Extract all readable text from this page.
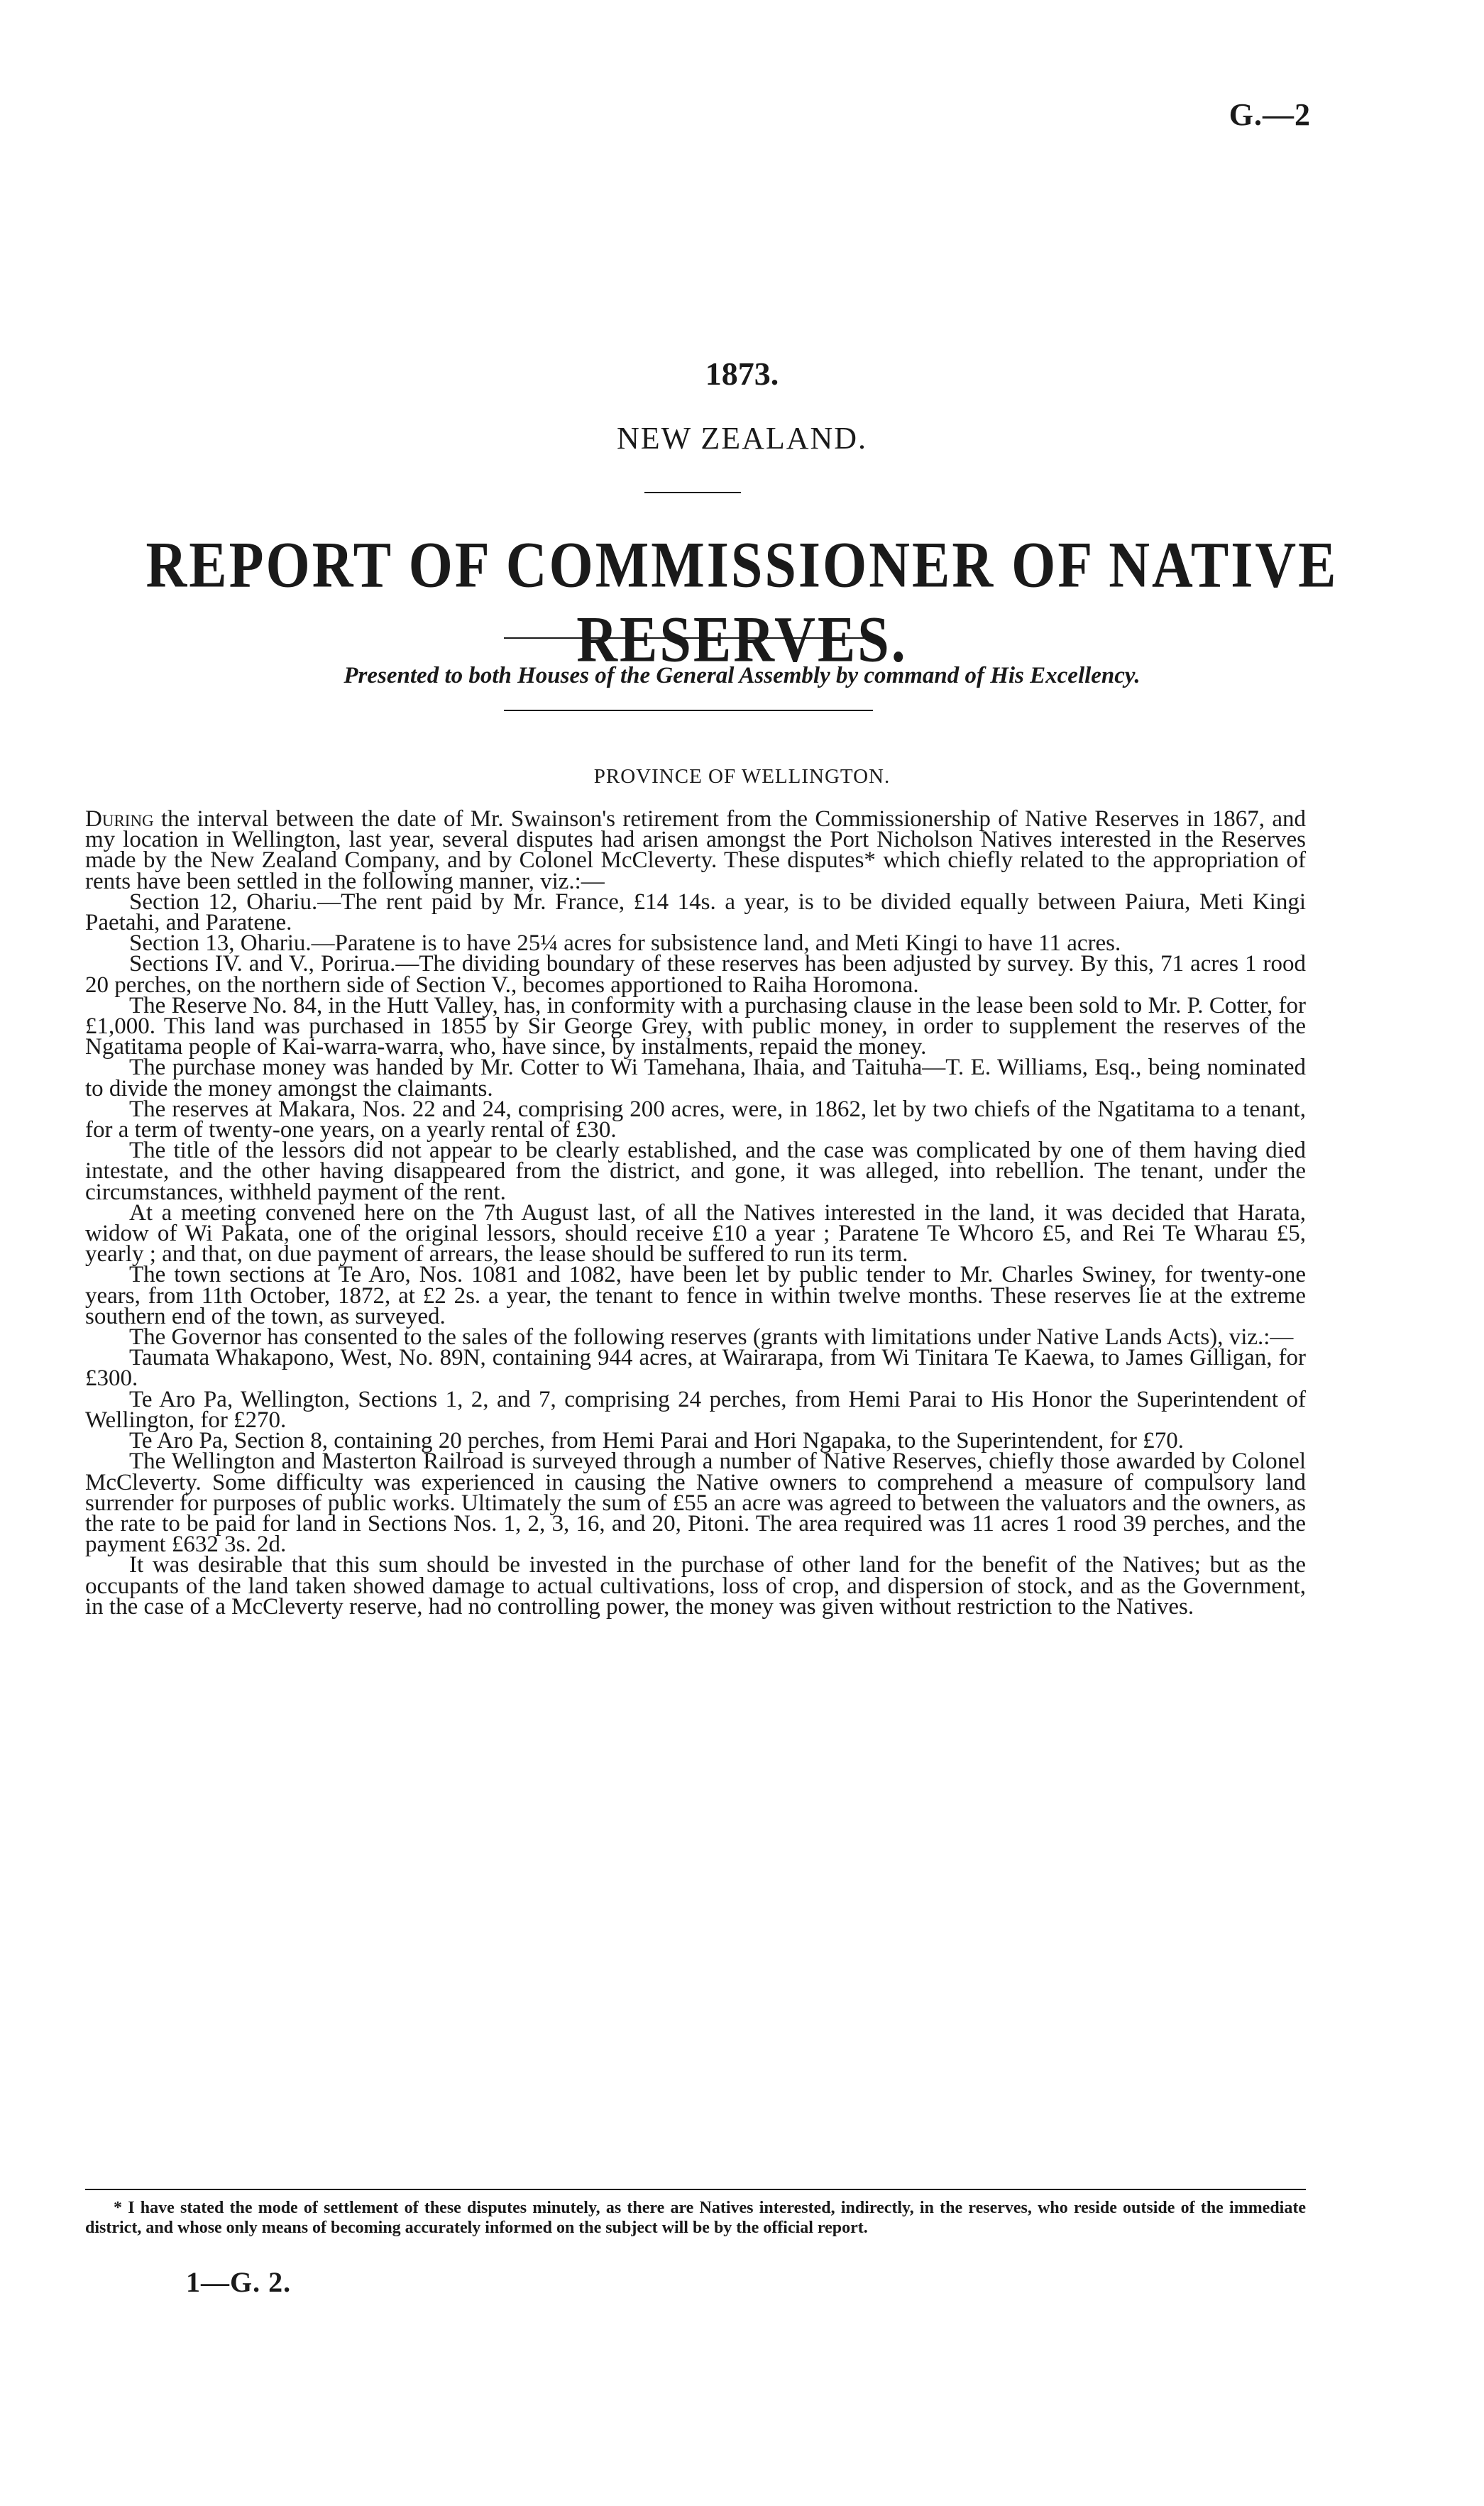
G.—2
1873.
NEW ZEALAND.
REPORT OF COMMISSIONER OF NATIVE RESERVES.
Presented to both Houses of the General Assembly by command of His Excellency.
PROVINCE OF WELLINGTON.

During the interval between the date of Mr. Swainson's retirement from the Commissionership of Native Reserves in 1867, and my location in Wellington, last year, several disputes had arisen amongst the Port Nicholson Natives interested in the Reserves made by the New Zealand Company, and by Colonel McCleverty. These disputes* which chiefly related to the appropriation of rents have been settled in the following manner, viz.:—

Section 12, Ohariu.—The rent paid by Mr. France, £14 14s. a year, is to be divided equally between Paiura, Meti Kingi Paetahi, and Paratene.

Section 13, Ohariu.—Paratene is to have 25¼ acres for subsistence land, and Meti Kingi to have 11 acres.

Sections IV. and V., Porirua.—The dividing boundary of these reserves has been adjusted by survey. By this, 71 acres 1 rood 20 perches, on the northern side of Section V., becomes apportioned to Raiha Horomona.

The Reserve No. 84, in the Hutt Valley, has, in conformity with a purchasing clause in the lease been sold to Mr. P. Cotter, for £1,000. This land was purchased in 1855 by Sir George Grey, with public money, in order to supplement the reserves of the Ngatitama people of Kai-warra-warra, who, have since, by instalments, repaid the money.

The purchase money was handed by Mr. Cotter to Wi Tamehana, Ihaia, and Taituha—T. E. Williams, Esq., being nominated to divide the money amongst the claimants.

The reserves at Makara, Nos. 22 and 24, comprising 200 acres, were, in 1862, let by two chiefs of the Ngatitama to a tenant, for a term of twenty-one years, on a yearly rental of £30.

The title of the lessors did not appear to be clearly established, and the case was complicated by one of them having died intestate, and the other having disappeared from the district, and gone, it was alleged, into rebellion. The tenant, under the circumstances, withheld payment of the rent.

At a meeting convened here on the 7th August last, of all the Natives interested in the land, it was decided that Harata, widow of Wi Pakata, one of the original lessors, should receive £10 a year ; Paratene Te Whcoro £5, and Rei Te Wharau £5, yearly ; and that, on due payment of arrears, the lease should be suffered to run its term.

The town sections at Te Aro, Nos. 1081 and 1082, have been let by public tender to Mr. Charles Swiney, for twenty-one years, from 11th October, 1872, at £2 2s. a year, the tenant to fence in within twelve months. These reserves lie at the extreme southern end of the town, as surveyed.

The Governor has consented to the sales of the following reserves (grants with limitations under Native Lands Acts), viz.:—

Taumata Whakapono, West, No. 89N, containing 944 acres, at Wairarapa, from Wi Tinitara Te Kaewa, to James Gilligan, for £300.

Te Aro Pa, Wellington, Sections 1, 2, and 7, comprising 24 perches, from Hemi Parai to His Honor the Superintendent of Wellington, for £270.

Te Aro Pa, Section 8, containing 20 perches, from Hemi Parai and Hori Ngapaka, to the Superintendent, for £70.

The Wellington and Masterton Railroad is surveyed through a number of Native Reserves, chiefly those awarded by Colonel McCleverty. Some difficulty was experienced in causing the Native owners to comprehend a measure of compulsory land surrender for purposes of public works. Ultimately the sum of £55 an acre was agreed to between the valuators and the owners, as the rate to be paid for land in Sections Nos. 1, 2, 3, 16, and 20, Pitoni. The area required was 11 acres 1 rood 39 perches, and the payment £632 3s. 2d.

It was desirable that this sum should be invested in the purchase of other land for the benefit of the Natives; but as the occupants of the land taken showed damage to actual cultivations, loss of crop, and dispersion of stock, and as the Government, in the case of a McCleverty reserve, had no controlling power, the money was given without restriction to the Natives.

* I have stated the mode of settlement of these disputes minutely, as there are Natives interested, indirectly, in the reserves, who reside outside of the immediate district, and whose only means of becoming accurately informed on the subject will be by the official report.
1—G. 2.
